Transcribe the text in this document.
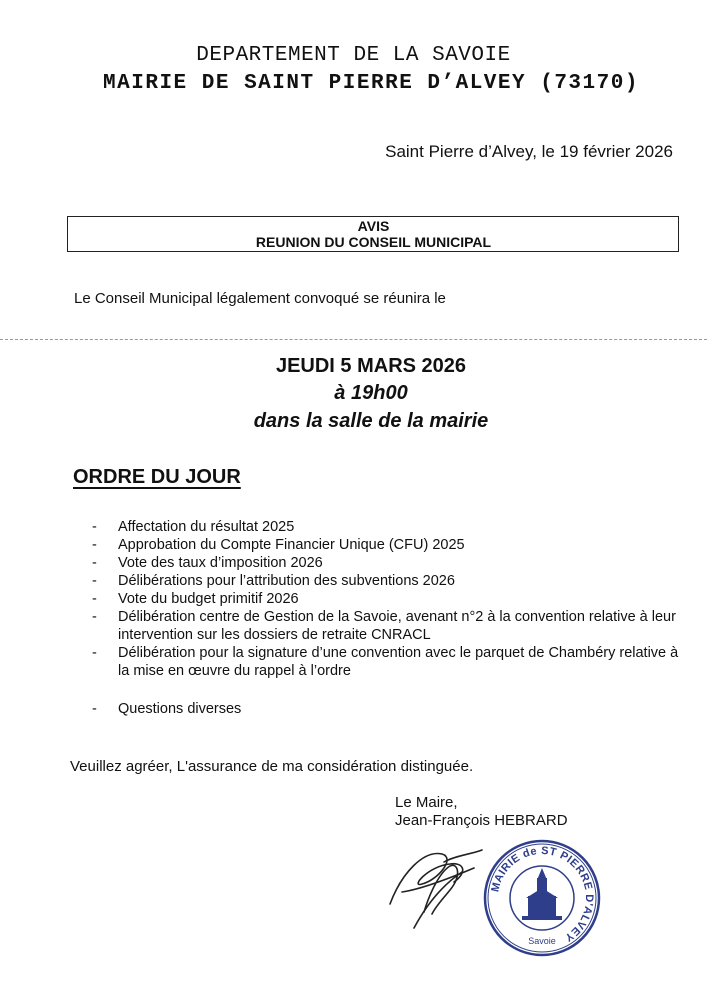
DEPARTEMENT DE LA SAVOIE
MAIRIE DE SAINT PIERRE D’ALVEY (73170)
Saint Pierre d’Alvey, le 19 février 2026
AVIS
REUNION DU CONSEIL MUNICIPAL
Le Conseil Municipal légalement convoqué se réunira le
JEUDI 5 MARS 2026
à 19h00
dans la salle de la mairie
ORDRE DU JOUR
- Affectation du résultat 2025
- Approbation du Compte Financier Unique (CFU) 2025
- Vote des taux d’imposition 2026
- Délibérations pour l’attribution des subventions 2026
- Vote du budget primitif 2026
- Délibération centre de Gestion de la Savoie, avenant n°2 à la convention relative à leur intervention sur les dossiers de retraite CNRACL
- Délibération pour la signature d’une convention avec le parquet de Chambéry relative à la mise en œuvre du rappel à l’ordre
- Questions diverses
Veuillez agréer, L'assurance de ma considération distinguée.
Le Maire,
Jean-François HEBRARD
MAIRIE de ST PIERRE D'ALVEY
Savoie
